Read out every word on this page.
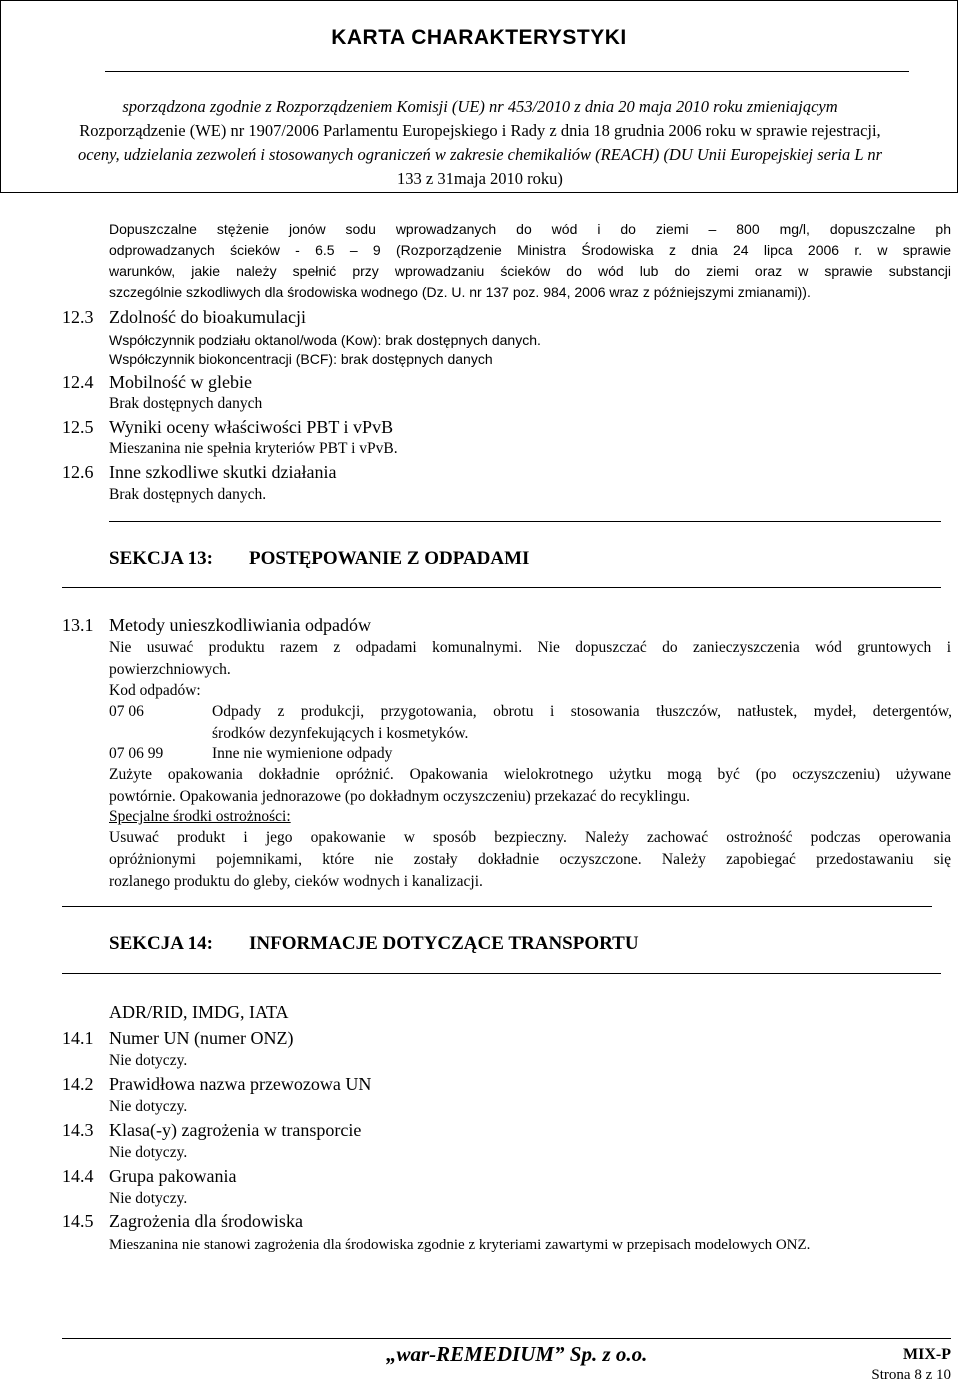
KARTA CHARAKTERYSTYKI
sporządzona zgodnie z Rozporządzeniem Komisji (UE) nr 453/2010 z dnia 20 maja 2010 roku zmieniającym
Rozporządzenie (WE) nr 1907/2006 Parlamentu Europejskiego i Rady z dnia 18 grudnia 2006 roku w sprawie rejestracji,
oceny, udzielania zezwoleń i stosowanych ograniczeń w zakresie chemikaliów (REACH) (DU Unii Europejskiej seria L nr
133 z 31maja 2010 roku)
Dopuszczalne stężenie jonów sodu wprowadzanych do wód i do ziemi – 800 mg/l, dopuszczalne ph
odprowadzanych ścieków - 6.5 – 9 (Rozporządzenie Ministra Środowiska z dnia 24 lipca 2006 r. w sprawie
warunków, jakie należy spełnić przy wprowadzaniu ścieków do wód lub do ziemi oraz w sprawie substancji
szczególnie szkodliwych dla środowiska wodnego (Dz. U. nr 137 poz. 984, 2006 wraz z późniejszymi zmianami)).
12.3 Zdolność do bioakumulacji
Współczynnik podziału oktanol/woda (Kow): brak dostępnych danych.
Współczynnik biokoncentracji (BCF): brak dostępnych danych
12.4 Mobilność w glebie
Brak dostępnych danych
12.5 Wyniki oceny właściwości PBT i vPvB
Mieszanina nie spełnia kryteriów PBT i vPvB.
12.6 Inne szkodliwe skutki działania
Brak dostępnych danych.
SEKCJA 13: POSTĘPOWANIE Z ODPADAMI
13.1 Metody unieszkodliwiania odpadów
Nie usuwać produktu razem z odpadami komunalnymi. Nie dopuszczać do zanieczyszczenia wód gruntowych i
powierzchniowych.
Kod odpadów:
07 06	Odpady z produkcji, przygotowania, obrotu i stosowania tłuszczów, natłustek, mydeł, detergentów,
środków dezynfekujących i kosmetyków.
07 06 99	Inne nie wymienione odpady
Zużyte opakowania dokładnie opróżnić. Opakowania wielokrotnego użytku mogą być (po oczyszczeniu) używane
powtórnie. Opakowania jednorazowe (po dokładnym oczyszczeniu) przekazać do recyklingu.
Specjalne środki ostrożności:
Usuwać produkt i jego opakowanie w sposób bezpieczny. Należy zachować ostrożność podczas operowania
opróżnionymi pojemnikami, które nie zostały dokładnie oczyszczone. Należy zapobiegać przedostawaniu się
rozlanego produktu do gleby, cieków wodnych i kanalizacji.
SEKCJA 14: INFORMACJE DOTYCZĄCE TRANSPORTU
ADR/RID, IMDG, IATA
14.1 Numer UN (numer ONZ)
Nie dotyczy.
14.2 Prawidłowa nazwa przewozowa UN
Nie dotyczy.
14.3 Klasa(-y) zagrożenia w transporcie
Nie dotyczy.
14.4 Grupa pakowania
Nie dotyczy.
14.5 Zagrożenia dla środowiska
Mieszanina nie stanowi zagrożenia dla środowiska zgodnie z kryteriami zawartymi w przepisach modelowych ONZ.
„war-REMEDIUM” Sp. z o.o.	MIX-P
Strona 8 z 10
